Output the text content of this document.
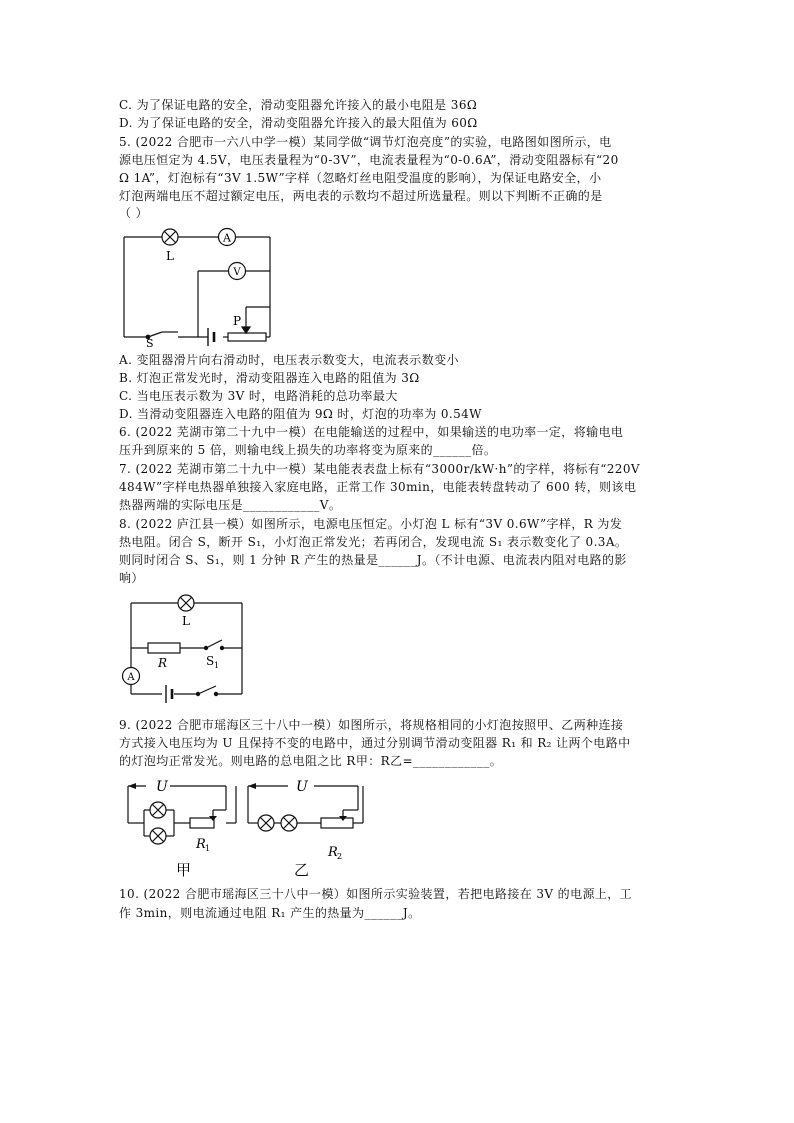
C. 为了保证电路的安全，滑动变阻器允许接入的最小电阻是 36Ω
D. 为了保证电路的安全，滑动变阻器允许接入的最大阻值为 60Ω
5. (2022 合肥市一六八中学一模）某同学做“调节灯泡亮度”的实验，电路图如图所示，电
源电压恒定为 4.5V，电压表量程为“0-3V”，电流表量程为“0-0.6A”，滑动变阻器标有“20
Ω 1A”，灯泡标有“3V 1.5W”字样（忽略灯丝电阻受温度的影响），为保证电路安全，小
灯泡两端电压不超过额定电压，两电表的示数均不超过所选量程。则以下判断不正确的是
（ ）
A
V
L
P
S
A. 变阻器滑片向右滑动时，电压表示数变大，电流表示数变小
B. 灯泡正常发光时，滑动变阻器连入电路的阻值为 3Ω
C. 当电压表示数为 3V 时，电路消耗的总功率最大
D. 当滑动变阻器连入电路的阻值为 9Ω 时，灯泡的功率为 0.54W
6. (2022 芜湖市第二十九中一模）在电能输送的过程中，如果输送的电功率一定，将输电电
压升到原来的 5 倍，则输电线上损失的功率将变为原来的______倍。
7. (2022 芜湖市第二十九中一模）某电能表表盘上标有“3000r/kW·h”的字样，将标有“220V
484W”字样电热器单独接入家庭电路，正常工作 30min，电能表转盘转动了 600 转，则该电
热器两端的实际电压是____________V。
8. (2022 庐江县一模）如图所示，电源电压恒定。小灯泡 L 标有“3V 0.6W”字样，R 为发
热电阻。闭合 S，断开 S₁，小灯泡正常发光；若再闭合，发现电流 S₁ 表示数变化了 0.3A。
则同时闭合 S、S₁，则 1 分钟 R 产生的热量是______J。（不计电源、电流表内阻对电路的影
响）
A
L
R	S 1
9. (2022 合肥市瑶海区三十八中一模）如图所示，将规格相同的小灯泡按照甲、乙两种连接
方式接入电压均为 U 且保持不变的电路中，通过分别调节滑动变阻器 R₁ 和 R₂ 让两个电路中
的灯泡均正常发光。则电路的总电阻之比 R甲：R乙=____________。
U
R 1
甲
U
R 2
乙
10. (2022 合肥市瑶海区三十八中一模）如图所示实验装置，若把电路接在 3V 的电源上，工
作 3min，则电流通过电阻 R₁ 产生的热量为______J。
